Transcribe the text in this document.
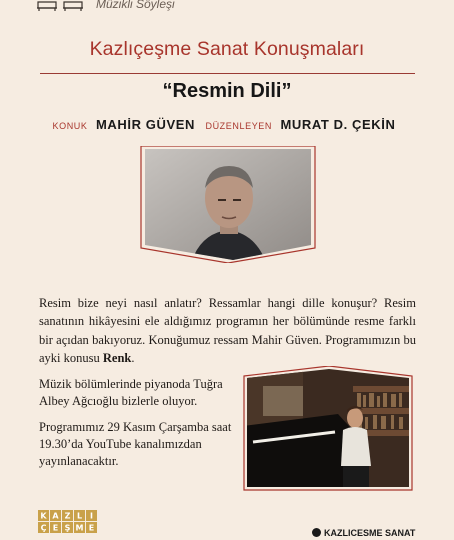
Müzikli Söyleşi
Kazlıçeşme Sanat Konuşmaları
“Resmin Dili”
KONUK MAHİR GÜVEN DÜZENLEYEN MURAT D. ÇEKİN
Resim bize neyi nasıl anlatır? Ressamlar hangi dille konuşur? Resim sanatının hikâyesini ele aldığımız programın her bölümünde resme farklı bir açıdan bakıyoruz. Konuğumuz ressam Mahir Güven. Programımızın bu ayki konusu Renk.

Müzik bölümlerinde piyanoda Tuğra Albey Ağcıoğlu bizlerle oluyor.

Programımız 29 Kasım Çarşamba saat 19.30’da YouTube kanalımızdan yayınlanacaktır.

K A Z L I
Ç E Ş M E	KAZLICESME SANAT
